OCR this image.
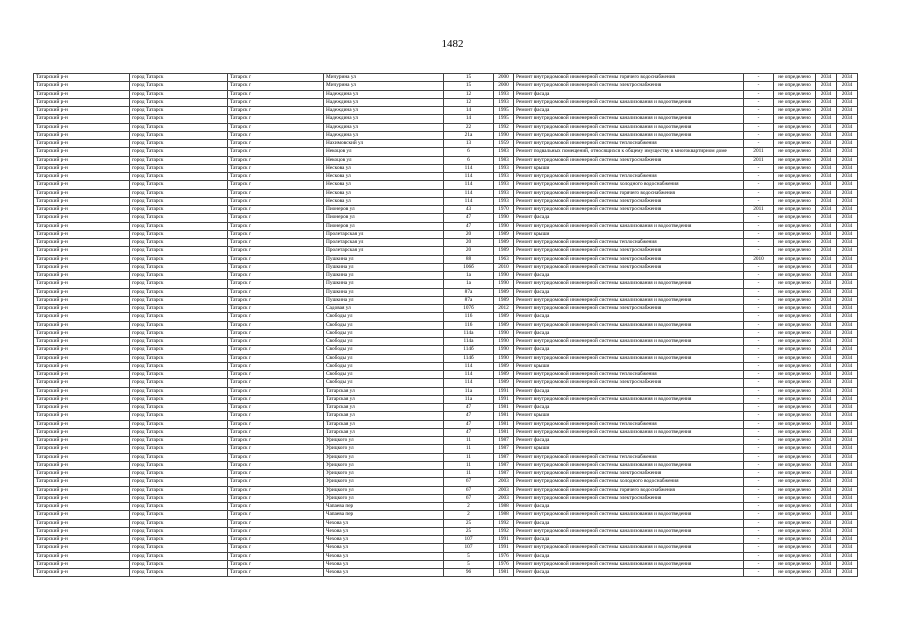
1482
Татарский р-н	город Татарск	Татарск г	Мичурина ул	15	2000	Ремонт внутридомовой инженерной системы горячего водоснабжения	-	не определено	2034	2034
Татарский р-н	город Татарск	Татарск г	Мичурина ул	15	2000	Ремонт внутридомовой инженерной системы электроснабжения	-	не определено	2034	2034
Татарский р-н	город Татарск	Татарск г	Надеждина ул	12	1993	Ремонт фасада	-	не определено	2034	2034
Татарский р-н	город Татарск	Татарск г	Надеждина ул	12	1993	Ремонт внутридомовой инженерной системы канализования и водоотведения	-	не определено	2034	2034
Татарский р-н	город Татарск	Татарск г	Надеждина ул	14	1995	Ремонт фасада	-	не определено	2034	2034
Татарский р-н	город Татарск	Татарск г	Надеждина ул	14	1995	Ремонт внутридомовой инженерной системы канализования и водоотведения	-	не определено	2034	2034
Татарский р-н	город Татарск	Татарск г	Надеждина ул	22	1992	Ремонт внутридомовой инженерной системы канализования и водоотведения	-	не определено	2034	2034
Татарский р-н	город Татарск	Татарск г	Надеждина ул	21а	1990	Ремонт внутридомовой инженерной системы канализования и водоотведения	-	не определено	2034	2034
Татарский р-н	город Татарск	Татарск г	Нахимовский ул	13	1959	Ремонт внутридомовой инженерной системы теплоснабжения	-	не определено	2034	2034
Татарский р-н	город Татарск	Татарск г	Некоцов ул	6	1983	Ремонт подвальных помещений, относящихся к общему имуществу в многоквартирном доме	2011	не определено	2034	2034
Татарский р-н	город Татарск	Татарск г	Некоцов ул	6	1983	Ремонт внутридомовой инженерной системы электроснабжения	2011	не определено	2034	2034
Татарский р-н	город Татарск	Татарск г	Нескова ул	114	1993	Ремонт крыши	-	не определено	2034	2034
Татарский р-н	город Татарск	Татарск г	Нескова ул	114	1993	Ремонт внутридомовой инженерной системы теплоснабжения	-	не определено	2034	2034
Татарский р-н	город Татарск	Татарск г	Нескова ул	114	1993	Ремонт внутридомовой инженерной системы холодного водоснабжения	-	не определено	2034	2034
Татарский р-н	город Татарск	Татарск г	Нескова ул	114	1993	Ремонт внутридомовой инженерной системы горячего водоснабжения	-	не определено	2034	2034
Татарский р-н	город Татарск	Татарск г	Нескова ул	114	1993	Ремонт внутридомовой инженерной системы электроснабжения	-	не определено	2034	2034
Татарский р-н	город Татарск	Татарск г	Пионеров ул	43	1970	Ремонт внутридомовой инженерной системы электроснабжения	2011	не определено	2034	2034
Татарский р-н	город Татарск	Татарск г	Пионеров ул	47	1990	Ремонт фасада	-	не определено	2034	2034
Татарский р-н	город Татарск	Татарск г	Пионеров ул	47	1990	Ремонт внутридомовой инженерной системы канализования и водоотведения	-	не определено	2034	2034
Татарский р-н	город Татарск	Татарск г	Пролетарская ул	20	1989	Ремонт крыши	-	не определено	2034	2034
Татарский р-н	город Татарск	Татарск г	Пролетарская ул	20	1989	Ремонт внутридомовой инженерной системы теплоснабжения	-	не определено	2034	2034
Татарский р-н	город Татарск	Татарск г	Пролетарская ул	20	1989	Ремонт внутридомовой инженерной системы электроснабжения	-	не определено	2034	2034
Татарский р-н	город Татарск	Татарск г	Пушкина ул	88	1963	Ремонт внутридомовой инженерной системы электроснабжения	2010	не определено	2034	2034
Татарский р-н	город Татарск	Татарск г	Пушкина ул	106б	2010	Ремонт внутридомовой инженерной системы электроснабжения	-	не определено	2034	2034
Татарский р-н	город Татарск	Татарск г	Пушкина ул	1а	1990	Ремонт фасада	-	не определено	2034	2034
Татарский р-н	город Татарск	Татарск г	Пушкина ул	1а	1990	Ремонт внутридомовой инженерной системы канализования и водоотведения	-	не определено	2034	2034
Татарский р-н	город Татарск	Татарск г	Пушкина ул	87а	1989	Ремонт фасада	-	не определено	2034	2034
Татарский р-н	город Татарск	Татарск г	Пушкина ул	87а	1989	Ремонт внутридомовой инженерной системы канализования и водоотведения	-	не определено	2034	2034
Татарский р-н	город Татарск	Татарск г	Садовая ул	107б	2012	Ремонт внутридомовой инженерной системы электроснабжения	-	не определено	2034	2034
Татарский р-н	город Татарск	Татарск г	Свободы ул	116	1989	Ремонт фасада	-	не определено	2034	2034
Татарский р-н	город Татарск	Татарск г	Свободы ул	116	1989	Ремонт внутридомовой инженерной системы канализования и водоотведения	-	не определено	2034	2034
Татарский р-н	город Татарск	Татарск г	Свободы ул	114а	1990	Ремонт фасада	-	не определено	2034	2034
Татарский р-н	город Татарск	Татарск г	Свободы ул	114а	1990	Ремонт внутридомовой инженерной системы канализования и водоотведения	-	не определено	2034	2034
Татарский р-н	город Татарск	Татарск г	Свободы ул	114б	1990	Ремонт фасада	-	не определено	2034	2034
Татарский р-н	город Татарск	Татарск г	Свободы ул	114б	1990	Ремонт внутридомовой инженерной системы канализования и водоотведения	-	не определено	2034	2034
Татарский р-н	город Татарск	Татарск г	Свободы ул	114	1989	Ремонт крыши	-	не определено	2034	2034
Татарский р-н	город Татарск	Татарск г	Свободы ул	114	1989	Ремонт внутридомовой инженерной системы теплоснабжения	-	не определено	2034	2034
Татарский р-н	город Татарск	Татарск г	Свободы ул	114	1989	Ремонт внутридомовой инженерной системы электроснабжения	-	не определено	2034	2034
Татарский р-н	город Татарск	Татарск г	Татарская ул	11а	1991	Ремонт фасада	-	не определено	2034	2034
Татарский р-н	город Татарск	Татарск г	Татарская ул	11а	1991	Ремонт внутридомовой инженерной системы канализования и водоотведения	-	не определено	2034	2034
Татарский р-н	город Татарск	Татарск г	Татарская ул	47	1981	Ремонт фасада	-	не определено	2034	2034
Татарский р-н	город Татарск	Татарск г	Татарская ул	47	1981	Ремонт крыши	-	не определено	2034	2034
Татарский р-н	город Татарск	Татарск г	Татарская ул	47	1981	Ремонт внутридомовой инженерной системы теплоснабжения	-	не определено	2034	2034
Татарский р-н	город Татарск	Татарск г	Татарская ул	47	1981	Ремонт внутридомовой инженерной системы канализования и водоотведения	-	не определено	2034	2034
Татарский р-н	город Татарск	Татарск г	Урицкого ул	11	1987	Ремонт фасада	-	не определено	2034	2034
Татарский р-н	город Татарск	Татарск г	Урицкого ул	11	1987	Ремонт крыши	-	не определено	2034	2034
Татарский р-н	город Татарск	Татарск г	Урицкого ул	11	1987	Ремонт внутридомовой инженерной системы теплоснабжения	-	не определено	2034	2034
Татарский р-н	город Татарск	Татарск г	Урицкого ул	11	1987	Ремонт внутридомовой инженерной системы канализования и водоотведения	-	не определено	2034	2034
Татарский р-н	город Татарск	Татарск г	Урицкого ул	11	1987	Ремонт внутридомовой инженерной системы электроснабжения	-	не определено	2034	2034
Татарский р-н	город Татарск	Татарск г	Урицкого ул	67	2003	Ремонт внутридомовой инженерной системы холодного водоснабжения	-	не определено	2034	2034
Татарский р-н	город Татарск	Татарск г	Урицкого ул	67	2003	Ремонт внутридомовой инженерной системы горячего водоснабжения	-	не определено	2034	2034
Татарский р-н	город Татарск	Татарск г	Урицкого ул	67	2003	Ремонт внутридомовой инженерной системы электроснабжения	-	не определено	2034	2034
Татарский р-н	город Татарск	Татарск г	Чапаева пер	2	1988	Ремонт фасада	-	не определено	2034	2034
Татарский р-н	город Татарск	Татарск г	Чапаева пер	2	1988	Ремонт внутридомовой инженерной системы канализования и водоотведения	-	не определено	2034	2034
Татарский р-н	город Татарск	Татарск г	Чехова ул	25	1992	Ремонт фасада	-	не определено	2034	2034
Татарский р-н	город Татарск	Татарск г	Чехова ул	25	1992	Ремонт внутридомовой инженерной системы канализования и водоотведения	-	не определено	2034	2034
Татарский р-н	город Татарск	Татарск г	Чехова ул	107	1991	Ремонт фасада	-	не определено	2034	2034
Татарский р-н	город Татарск	Татарск г	Чехова ул	107	1991	Ремонт внутридомовой инженерной системы канализования и водоотведения	-	не определено	2034	2034
Татарский р-н	город Татарск	Татарск г	Чехова ул	5	1976	Ремонт фасада	-	не определено	2034	2034
Татарский р-н	город Татарск	Татарск г	Чехова ул	5	1976	Ремонт внутридомовой инженерной системы канализования и водоотведения	-	не определено	2034	2034
Татарский р-н	город Татарск	Татарск г	Чехова ул	96	1981	Ремонт фасада	-	не определено	2034	2034
